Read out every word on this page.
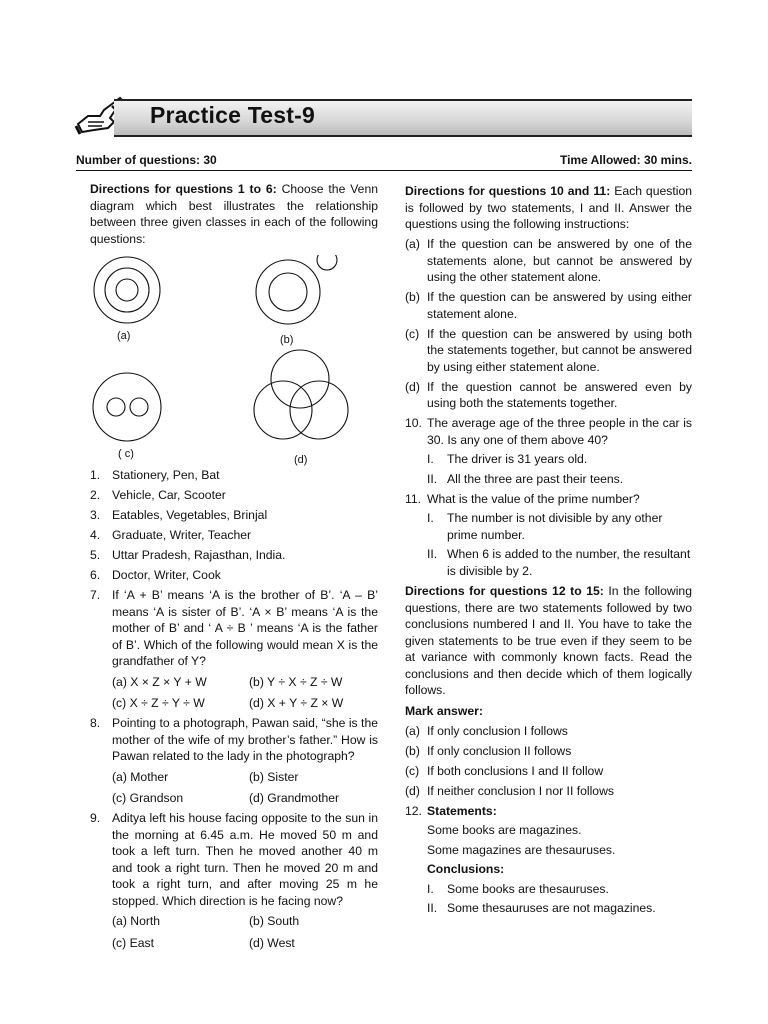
Practice Test-9
Number of questions: 30	Time Allowed: 30 mins.

Directions for questions 1 to 6: Choose the Venn diagram which best illustrates the relationship between three given classes in each of the following questions:

(a)	(b)
( c)	(d)
1. Stationery, Pen, Bat
2. Vehicle, Car, Scooter
3. Eatables, Vegetables, Brinjal
4. Graduate, Writer, Teacher
5. Uttar Pradesh, Rajasthan, India.
6. Doctor, Writer, Cook
7. If ‘A + B’ means ‘A is the brother of B’. ‘A – B’ means ‘A is sister of B’. ‘A × B’ means ‘A is the mother of B’ and ‘ A ÷ B ’ means ‘A is the father of B’. Which of the following would mean X is the grandfather of Y?
(a) X × Z × Y + W	(b) Y ÷ X ÷ Z ÷ W
(c) X ÷ Z ÷ Y ÷ W	(d) X + Y ÷ Z × W
8. Pointing to a photograph, Pawan said, “she is the mother of the wife of my brother’s father.” How is Pawan related to the lady in the photograph?
(a) Mother	(b) Sister
(c) Grandson	(d) Grandmother
9. Aditya left his house facing opposite to the sun in the morning at 6.45 a.m. He moved 50 m and took a left turn. Then he moved another 40 m and took a right turn. Then he moved 20 m and took a right turn, and after moving 25 m he stopped. Which direction is he facing now?
(a) North	(b) South
(c) East	(d) West

Directions for questions 10 and 11: Each question is followed by two statements, I and II. Answer the questions using the following instructions:

(a) If the question can be answered by one of the statements alone, but cannot be answered by using the other statement alone.
(b) If the question can be answered by using either statement alone.
(c) If the question can be answered by using both the statements together, but cannot be answered by using either statement alone.
(d) If the question cannot be answered even by using both the statements together.
10. The average age of the three people in the car is 30. Is any one of them above 40?
I.	The driver is 31 years old.
II. All the three are past their teens.
11. What is the value of the prime number?
I.	The number is not divisible by any other prime number.
II. When 6 is added to the number, the resultant is divisible by 2.

Directions for questions 12 to 15: In the following questions, there are two statements followed by two conclusions numbered I and II. You have to take the given statements to be true even if they seem to be at variance with commonly known facts. Read the conclusions and then decide which of them logically follows.

Mark answer:

(a) If only conclusion I follows
(b) If only conclusion II follows
(c) If both conclusions I and II follow
(d) If neither conclusion I nor II follows
12. Statements:
Some books are magazines.
Some magazines are thesauruses.
Conclusions:
I.	Some books are thesauruses.
II. Some thesauruses are not magazines.
